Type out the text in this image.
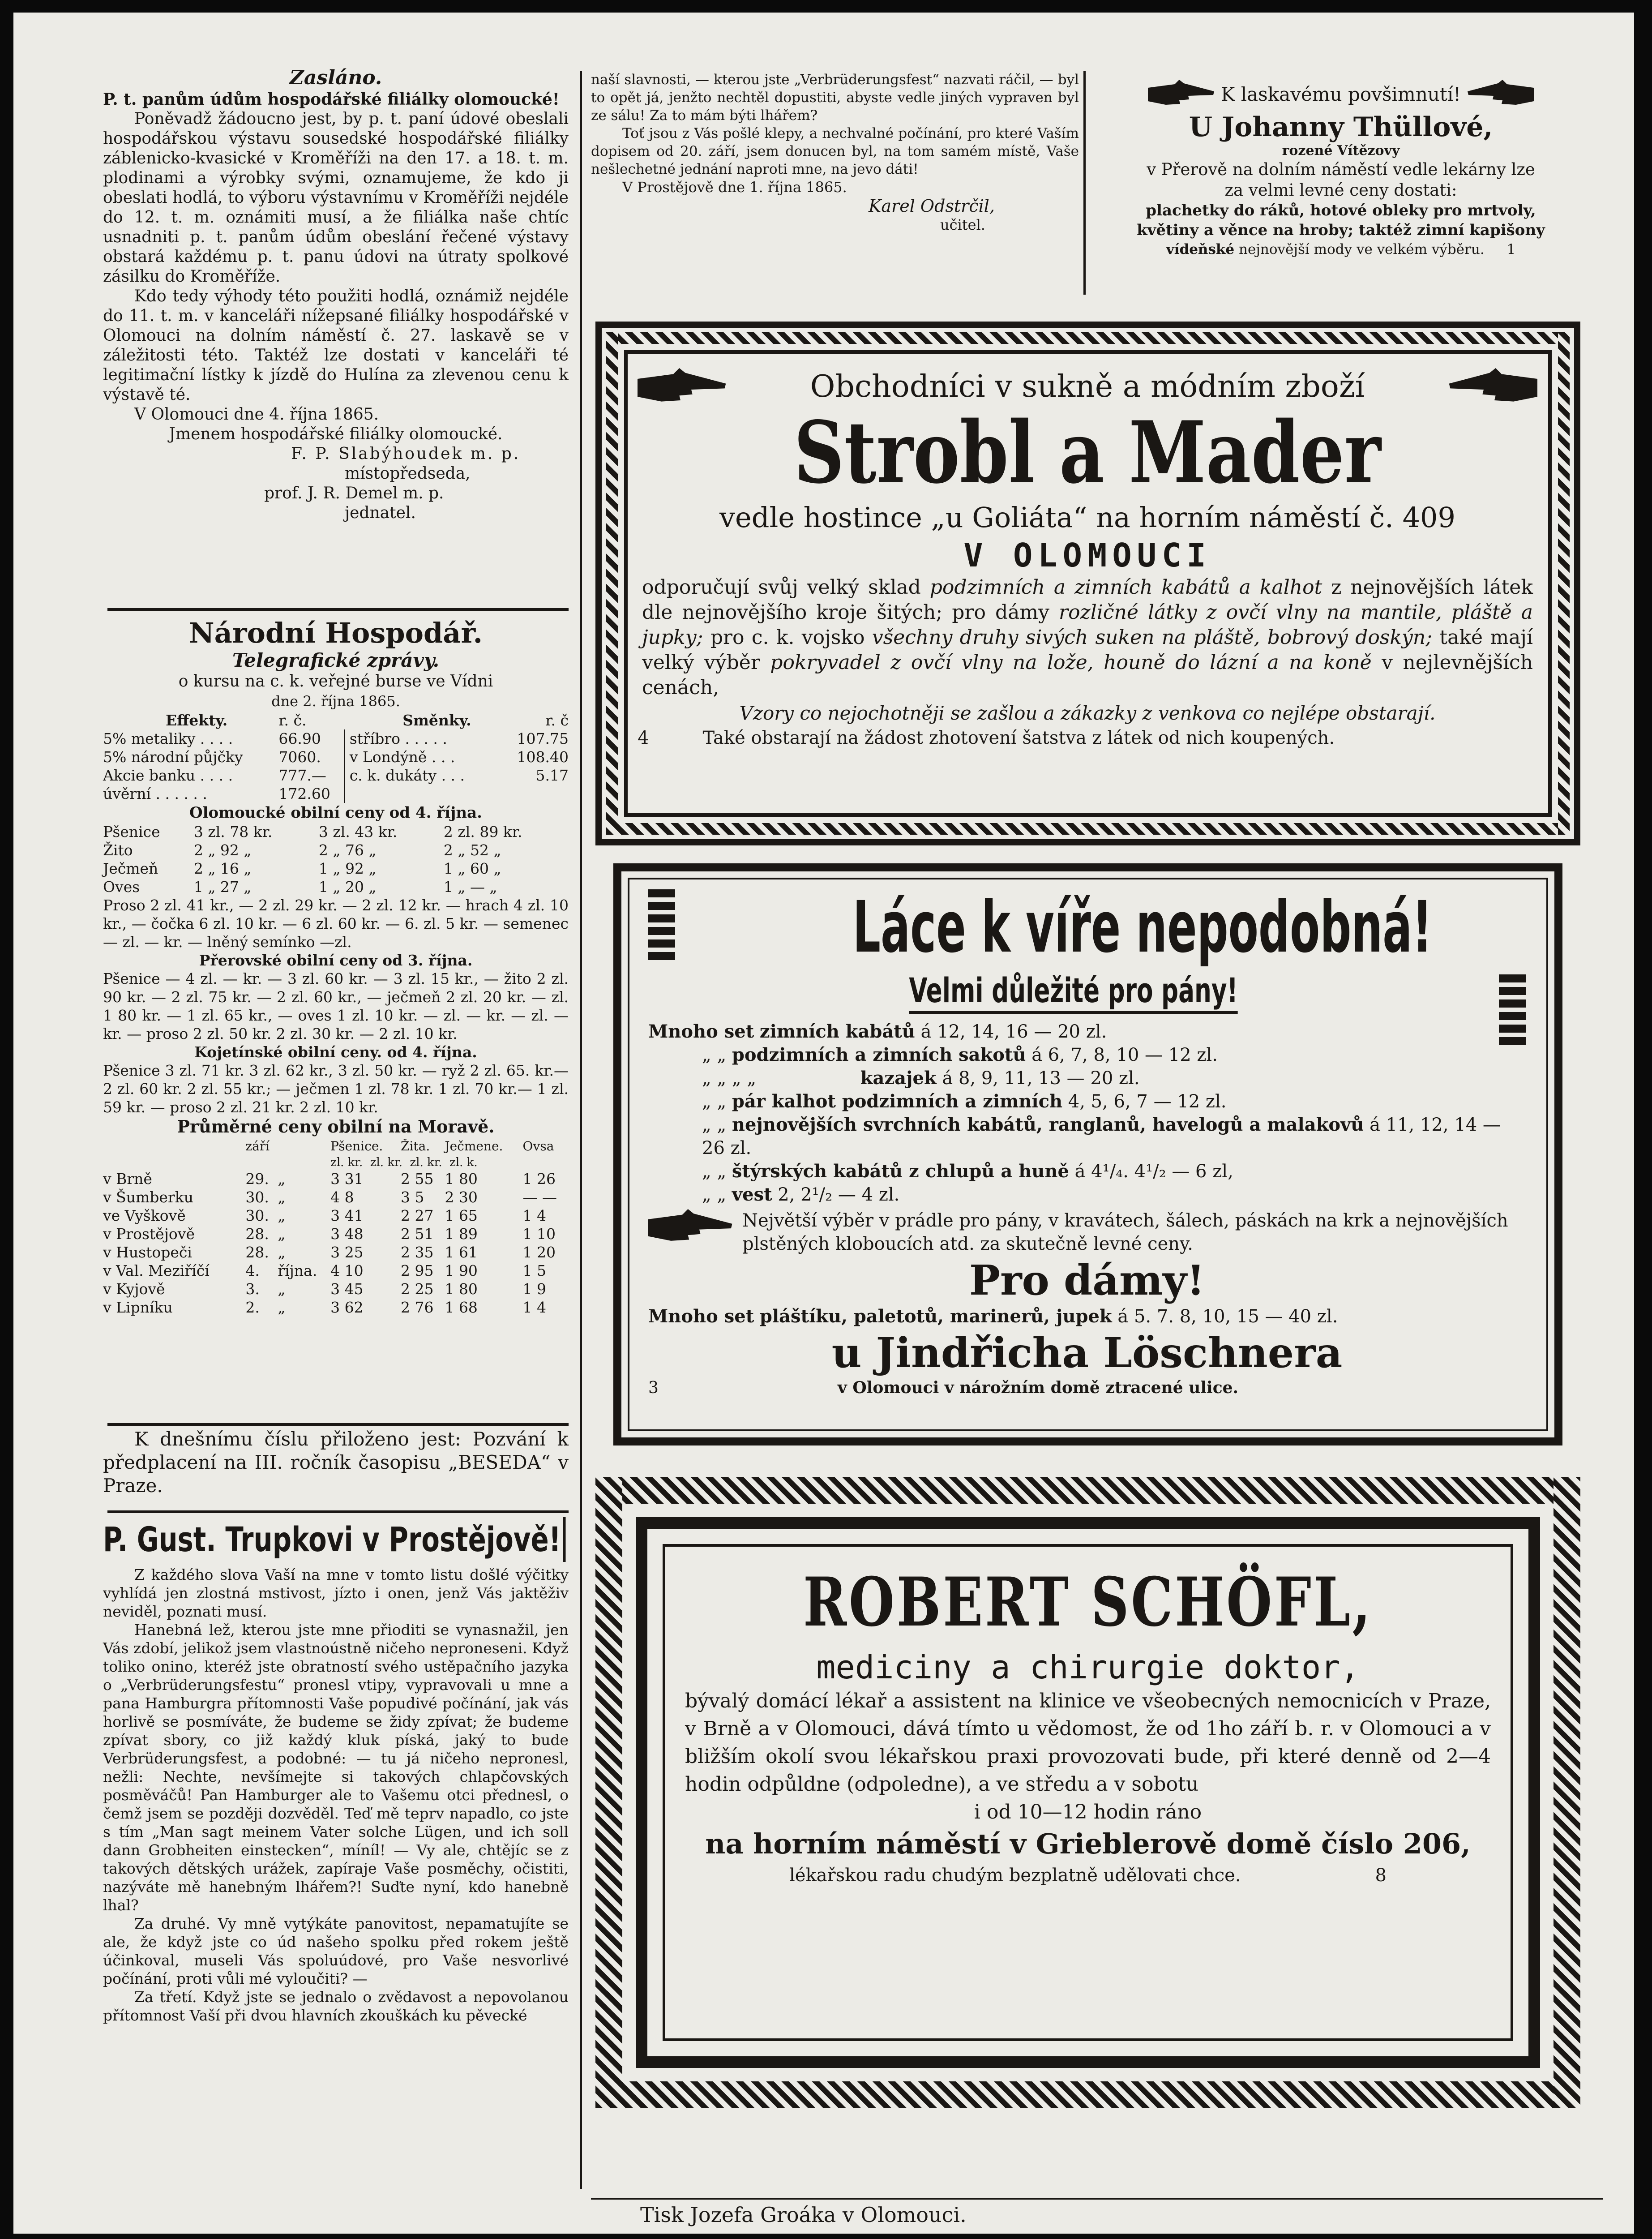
Zasláno.

P. t. panům údům hospodářské filiálky olomoucké!

Poněvadž žádoucno jest, by p. t. paní údové obeslali hospodářskou výstavu sousedské hospodářské filiálky záblenicko-kvasické v Kroměříži na den 17. a 18. t. m. plodinami a výrobky svými, oznamujeme, že kdo ji obeslati hodlá, to výboru výstavnímu v Kroměříži nejdéle do 12. t. m. oznámiti musí, a že filiálka naše chtíc usnadniti p. t. panům údům obeslání řečené výstavy obstará každému p. t. panu údovi na útraty spolkové zásilku do Kroměříže.

Kdo tedy výhody této použiti hodlá, oznámiž nejdéle do 11. t. m. v kanceláři nížepsané filiálky hospodářské v Olomouci na dolním náměstí č. 27. laskavě se v záležitosti této. Taktéž lze dostati v kanceláři té legitimační lístky k jízdě do Hulína za zlevenou cenu k výstavě té.

V Olomouci dne 4. října 1865.

Jmenem hospodářské filiálky olomoucké.

F. P. Slabýhoudek m. p.

místopředseda,

prof. J. R. Demel m. p.

jednatel.

Národní Hospodář.
Telegrafické zprávy.

o kursu na c. k. veřejné burse ve Vídni

dne 2. října 1865.

Effekty.	r. č.	Směnky.	r. č
5% metaliky . . . .	66.90	stříbro . . . . .	107.75
5% národní půjčky	7060.	v Londýně . . .	108.40
Akcie banku . . . .	777.—	c. k. dukáty . . .	5.17
úvěrní . . . . . .	172.60		

Olomoucké obilní ceny od 4. října.

Pšenice	3 zl. 78 kr.	3 zl. 43 kr.	2 zl. 89 kr.
Žito	2 „ 92 „	2 „ 76 „	2 „ 52 „
Ječmeň	2 „ 16 „	1 „ 92 „	1 „ 60 „
Oves	1 „ 27 „	1 „ 20 „	1 „ — „

Proso 2 zl. 41 kr., — 2 zl. 29 kr. — 2 zl. 12 kr. — hrach 4 zl. 10 kr., — čočka 6 zl. 10 kr. — 6 zl. 60 kr. — 6. zl. 5 kr. — semenec — zl. — kr. — lněný semínko —zl.

Přerovské obilní ceny od 3. října.

Pšenice — 4 zl. — kr. — 3 zl. 60 kr. — 3 zl. 15 kr., — žito 2 zl. 90 kr. — 2 zl. 75 kr. — 2 zl. 60 kr., — ječmeň 2 zl. 20 kr. — zl. 1 80 kr. — 1 zl. 65 kr., — oves 1 zl. 10 kr. — zl. — kr. — zl. — kr. — proso 2 zl. 50 kr. 2 zl. 30 kr. — 2 zl. 10 kr.

Kojetínské obilní ceny. od 4. října.

Pšenice 3 zl. 71 kr. 3 zl. 62 kr., 3 zl. 50 kr. — ryž 2 zl. 65. kr.—2 zl. 60 kr. 2 zl. 55 kr.; — ječmen 1 zl. 78 kr. 1 zl. 70 kr.— 1 zl. 59 kr. — proso 2 zl. 21 kr. 2 zl. 10 kr.

Průměrné ceny obilní na Moravě.

	září		Pšenice.	Žita.	Ječmene.	Ovsa
			zl. kr.  zl. kr.  zl. kr.  zl. k.			
v Brně	29.	„	3 31	2 55	1 80	1 26
v Šumberku	30.	„	4 8	3 5	2 30	— —
ve Vyškově	30.	„	3 41	2 27	1 65	1 4
v Prostějově	28.	„	3 48	2 51	1 89	1 10
v Hustopeči	28.	„	3 25	2 35	1 61	1 20
v Val. Meziříčí	4.	října.	4 10	2 95	1 90	1 5
v Kyjově	3.	„	3 45	2 25	1 80	1 9
v Lipníku	2.	„	3 62	2 76	1 68	1 4

K dnešnímu číslu přiloženo jest: Pozvání k předplacení na III. ročník časopisu „BESEDA“ v Praze.

P. Gust. Trupkovi v Prostějově!

Z každého slova Vaší na mne v tomto listu došlé výčitky vyhlídá jen zlostná mstivost, jízto i onen, jenž Vás jaktěživ neviděl, poznati musí.

Hanebná lež, kterou jste mne přioditi se vynasnažil, jen Vás zdobí, jelikož jsem vlastnoústně ničeho neproneseni. Když toliko onino, kteréž jste obratností svého ustěpačního jazyka o „Verbrüderungsfestu“ pronesl vtipy, vypravovali u mne a pana Hamburgra přítomnosti Vaše popudivé počínání, jak vás horlivě se posmíváte, že budeme se židy zpívat; že budeme zpívat sbory, co již každý kluk píská, jaký to bude Verbrüderungsfest, a podobné: — tu já ničeho nepronesl, nežli: Nechte, nevšímejte si takových chlapčovských posměváčů! Pan Hamburger ale to Vašemu otci přednesl, o čemž jsem se později dozvěděl. Teď mě teprv napadlo, co jste s tím „Man sagt meinem Vater solche Lügen, und ich soll dann Grobheiten einstecken“, míníl! — Vy ale, chtějíc se z takových dětských urážek, zapíraje Vaše posměchy, očistiti, nazýváte mě hanebným lhářem?! Suďte nyní, kdo hanebně lhal?

Za druhé. Vy mně vytýkáte panovitost, nepamatujíte se ale, že když jste co úd našeho spolku před rokem ještě účinkoval, museli Vás spoluúdové, pro Vaše nesvorlivé počínání, proti vůli mé vyloučiti? —

Za třetí. Když jste se jednalo o zvědavost a nepovolanou přítomnost Vaší při dvou hlavních zkouškách ku pěvecké

naší slavnosti, — kterou jste „Verbrüderungsfest“ nazvati ráčil, — byl to opět já, jenžto nechtěl dopustiti, abyste vedle jiných vypraven byl ze sálu! Za to mám býti lhářem?

Toť jsou z Vás pošlé klepy, a nechvalné počínání, pro které Vaším dopisem od 20. září, jsem donucen byl, na tom samém místě, Vaše nešlechetné jednání naproti mne, na jevo dáti!

V Prostějově dne 1. října 1865.

Karel Odstrčil,

učitel.

K laskavému povšimnutí!
U Johanny Thüllové,
rozené Vítězovy
v Přerově na dolním náměstí vedle lekárny lze
za velmi levné ceny dostati:
plachetky do ráků, hotové obleky pro mrtvoly,
květiny a věnce na hroby; taktéž zimní kapišony
vídeňské nejnovější mody ve velkém výběru. 1
Obchodníci v sukně a módním zboží
Strobl a Mader
vedle hostince „u Goliáta“ na horním náměstí č. 409
V OLOMOUCI

odporučují svůj velký sklad podzimních a zimních kabátů a kalhot z nejnovějších látek dle nejnovějšího kroje šitých; pro dámy rozličné látky z ovčí vlny na mantile, pláště a jupky; pro c. k. vojsko všechny druhy sivých suken na pláště, bobrový doskýn; také mají velký výběr pokryvadel z ovčí vlny na lože, houně do lázní a na koně v nejlevnějších cenách,

Vzory co nejochotněji se zašlou a zákazky z venkova co nejlépe obstarají.
4	Také obstarají na žádost zhotovení šatstva z látek od nich koupených.
Láce k víře nepodobná!
Velmi důležité pro pány!
Mnoho set zimních kabátů á 12, 14, 16 — 20 zl.
„ „ podzimních a zimních sakotů á 6, 7, 8, 10 — 12 zl.
„ „ „ „	kazajek á 8, 9, 11, 13 — 20 zl.
„ „ pár kalhot podzimních a zimních 4, 5, 6, 7 — 12 zl.
„ „ nejnovějších svrchních kabátů, ranglanů, havelogů a malakovů á 11, 12, 14 — 26 zl.
„ „ štýrských kabátů z chlupů a huně á 4¹/₄. 4¹/₂ — 6 zl,
„ „ vest 2, 2¹/₂ — 4 zl.
Největší výběr v prádle pro pány, v kravátech, šálech, páskách na krk a nejnovějších plstěných kloboucích atd. za skutečně levné ceny.
Pro dámy!
Mnoho set pláštíku, paletotů, marinerů, jupek á 5. 7. 8, 10, 15 — 40 zl.
u Jindřicha Löschnera
3	v Olomouci v nárožním domě ztracené ulice.
ROBERT SCHÖFL,
mediciny a chirurgie doktor,

bývalý domácí lékař a assistent na klinice ve všeobecných nemocnicích v Praze, v Brně a v Olomouci, dává tímto u vědomost, že od 1ho září b. r. v Olomouci a v bližším okolí svou lékařskou praxi provozovati bude, při které denně od 2—4 hodin odpůldne (odpoledne), a ve středu a v sobotu

i od 10—12 hodin ráno
na horním náměstí v Grieblerově domě číslo 206,
lékařskou radu chudým bezplatně udělovati chce.	8
Tisk Jozefa Groáka v Olomouci.
